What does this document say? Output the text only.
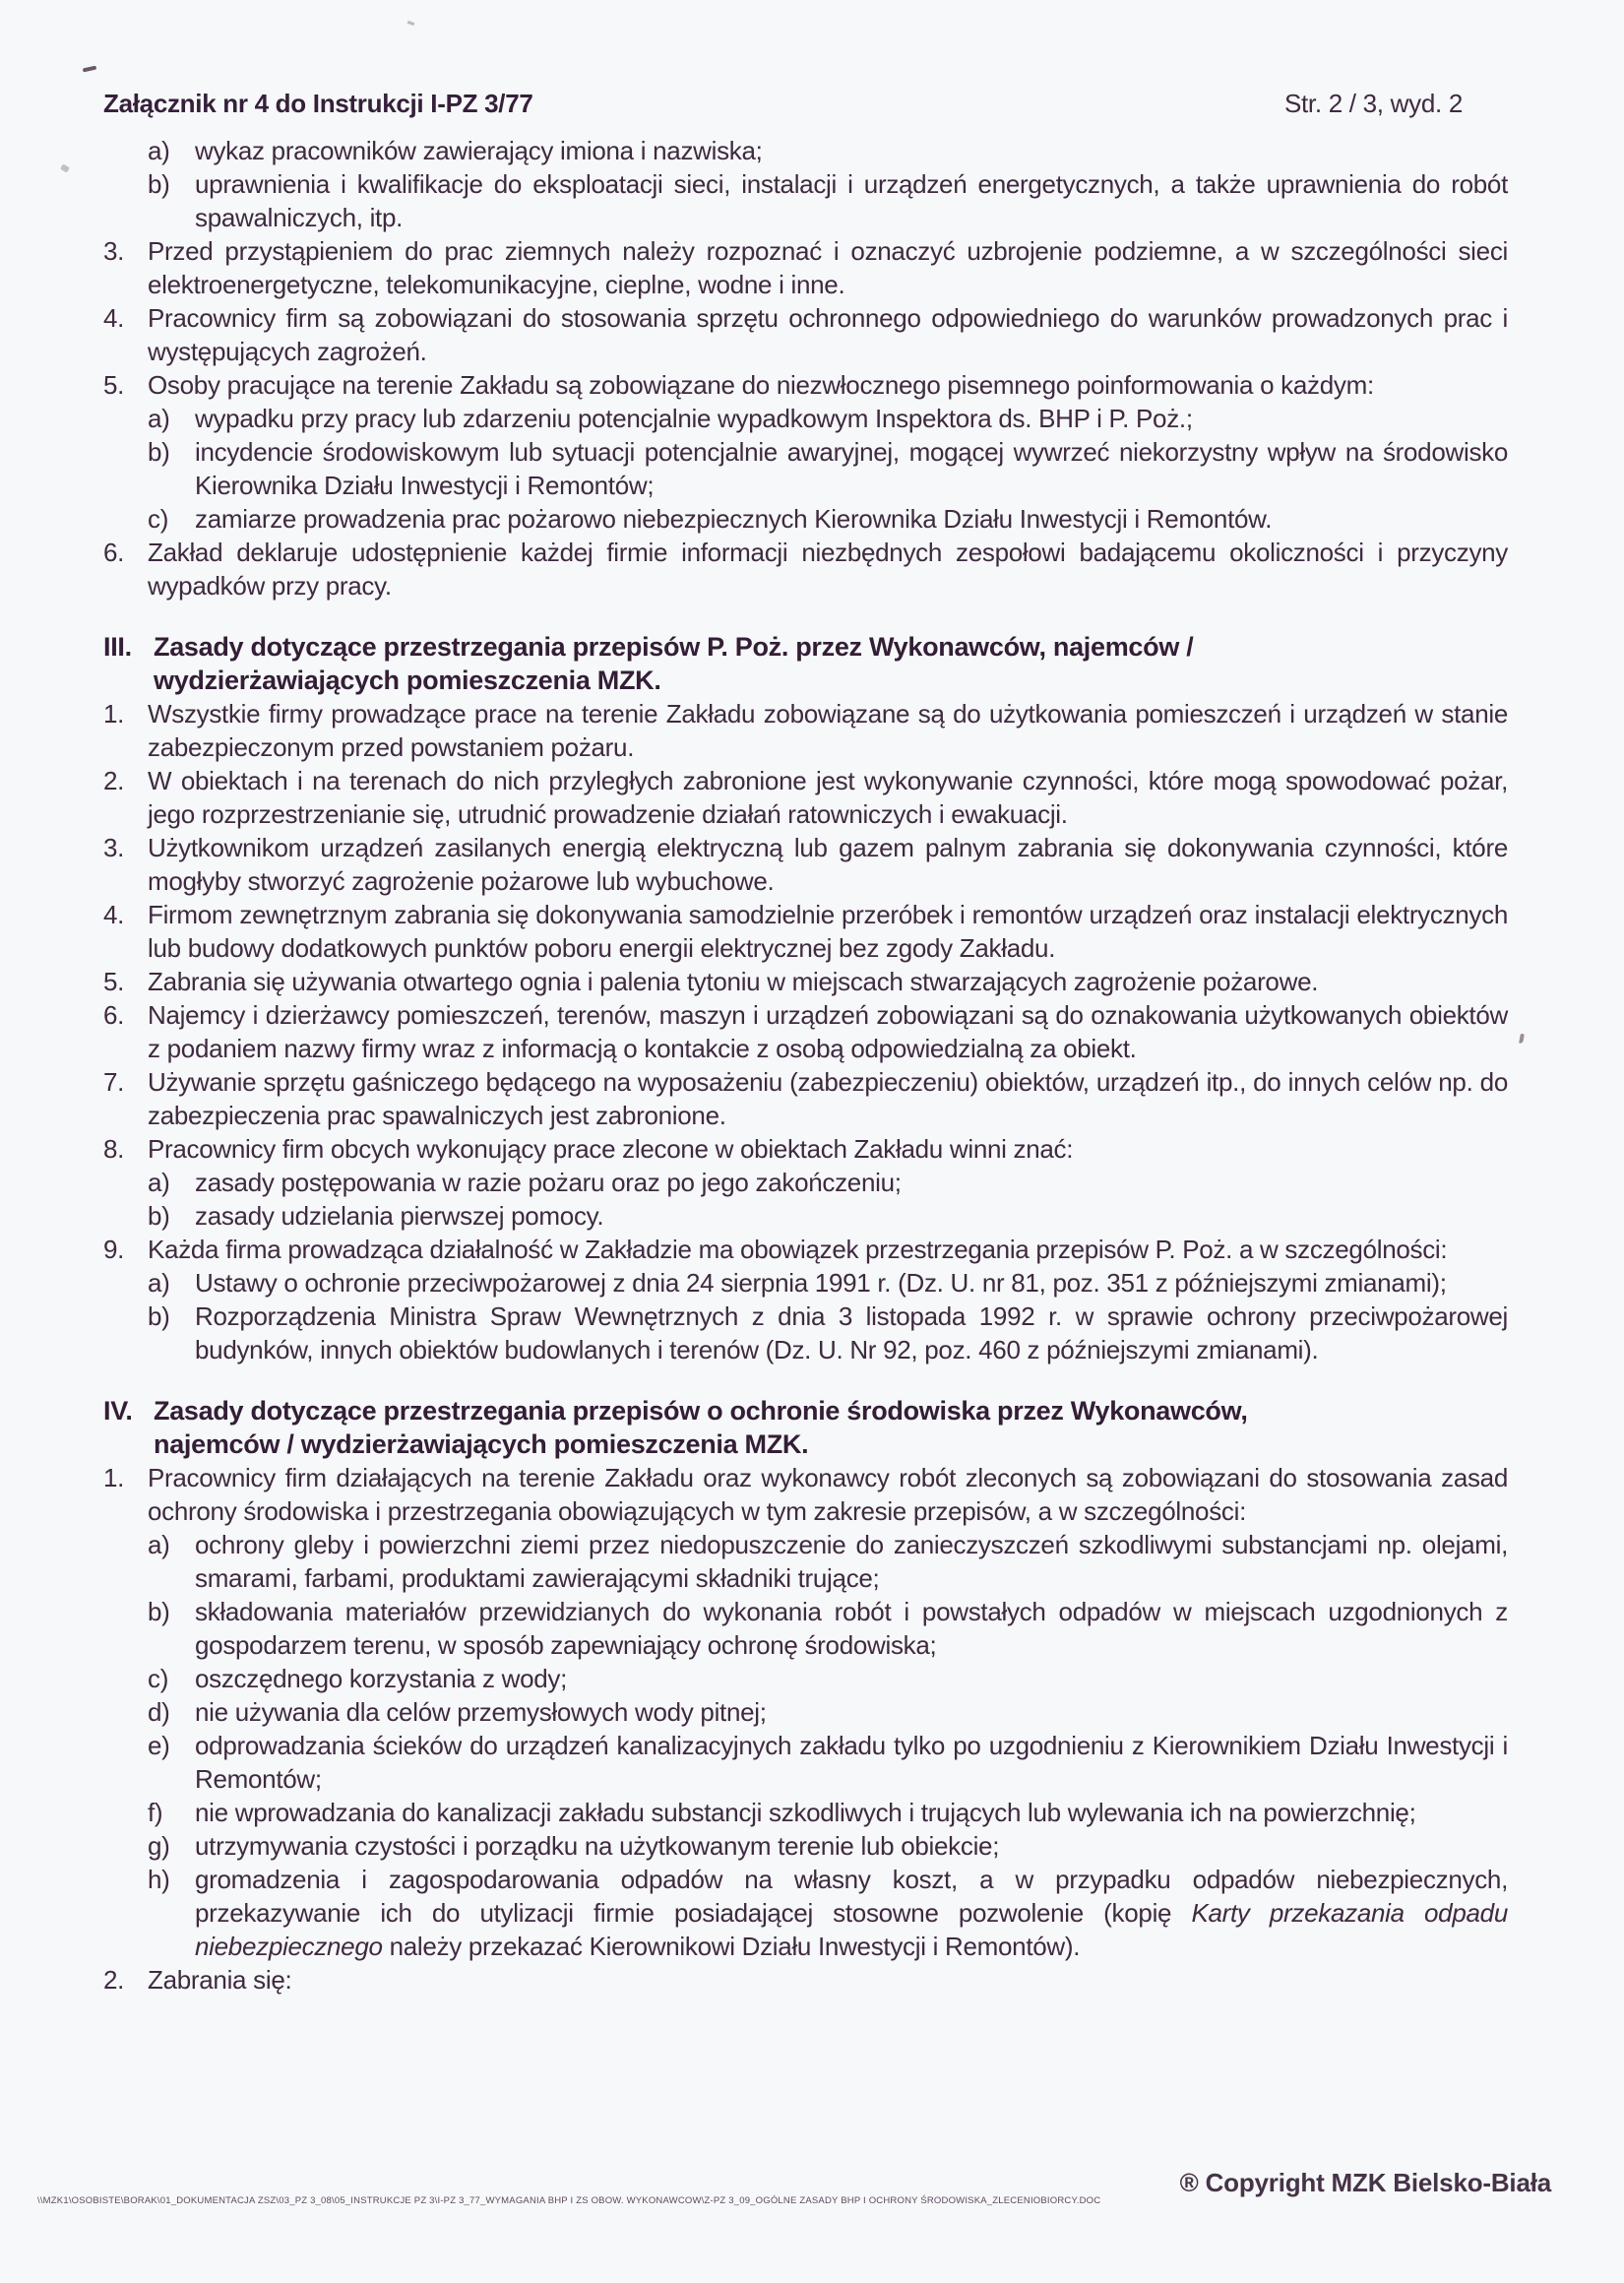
Załącznik nr 4 do Instrukcji I-PZ 3/77	Str. 2 / 3, wyd. 2
a) wykaz pracowników zawierający imiona i nazwiska;
b) uprawnienia i kwalifikacje do eksploatacji sieci, instalacji i urządzeń energetycznych, a także uprawnienia do robót spawalniczych, itp.
3. Przed przystąpieniem do prac ziemnych należy rozpoznać i oznaczyć uzbrojenie podziemne, a w szczególności sieci elektroenergetyczne, telekomunikacyjne, cieplne, wodne i inne.
4. Pracownicy firm są zobowiązani do stosowania sprzętu ochronnego odpowiedniego do warunków prowadzonych prac i występujących zagrożeń.
5. Osoby pracujące na terenie Zakładu są zobowiązane do niezwłocznego pisemnego poinformowania o każdym:
a) wypadku przy pracy lub zdarzeniu potencjalnie wypadkowym Inspektora ds. BHP i P. Poż.;
b) incydencie środowiskowym lub sytuacji potencjalnie awaryjnej, mogącej wywrzeć niekorzystny wpływ na środowisko Kierownika Działu Inwestycji i Remontów;
c)	zamiarze prowadzenia prac pożarowo niebezpiecznych Kierownika Działu Inwestycji i Remontów.
6. Zakład deklaruje udostępnienie każdej firmie informacji niezbędnych zespołowi badającemu okoliczności i przyczyny wypadków przy pracy.
III. Zasady dotyczące przestrzegania przepisów P. Poż. przez Wykonawców, najemców /
wydzierżawiających pomieszczenia MZK.
1. Wszystkie firmy prowadzące prace na terenie Zakładu zobowiązane są do użytkowania pomieszczeń i urządzeń w stanie zabezpieczonym przed powstaniem pożaru.
2. W obiektach i na terenach do nich przyległych zabronione jest wykonywanie czynności, które mogą spowodować pożar, jego rozprzestrzenianie się, utrudnić prowadzenie działań ratowniczych i ewakuacji.
3. Użytkownikom urządzeń zasilanych energią elektryczną lub gazem palnym zabrania się dokonywania czynności, które mogłyby stworzyć zagrożenie pożarowe lub wybuchowe.
4. Firmom zewnętrznym zabrania się dokonywania samodzielnie przeróbek i remontów urządzeń oraz instalacji elektrycznych lub budowy dodatkowych punktów poboru energii elektrycznej bez zgody Zakładu.
5. Zabrania się używania otwartego ognia i palenia tytoniu w miejscach stwarzających zagrożenie pożarowe.
6. Najemcy i dzierżawcy pomieszczeń, terenów, maszyn i urządzeń zobowiązani są do oznakowania użytkowanych obiektów z podaniem nazwy firmy wraz z informacją o kontakcie z osobą odpowiedzialną za obiekt.
7. Używanie sprzętu gaśniczego będącego na wyposażeniu (zabezpieczeniu) obiektów, urządzeń itp., do innych celów np. do zabezpieczenia prac spawalniczych jest zabronione.
8. Pracownicy firm obcych wykonujący prace zlecone w obiektach Zakładu winni znać:
a) zasady postępowania w razie pożaru oraz po jego zakończeniu;
b) zasady udzielania pierwszej pomocy.
9. Każda firma prowadząca działalność w Zakładzie ma obowiązek przestrzegania przepisów P. Poż. a w szczególności:
a) Ustawy o ochronie przeciwpożarowej z dnia 24 sierpnia 1991 r. (Dz. U. nr 81, poz. 351 z późniejszymi zmianami);
b) Rozporządzenia Ministra Spraw Wewnętrznych z dnia 3 listopada 1992 r. w sprawie ochrony przeciwpożarowej budynków, innych obiektów budowlanych i terenów (Dz. U. Nr 92, poz. 460 z późniejszymi zmianami).
IV. Zasady dotyczące przestrzegania przepisów o ochronie środowiska przez Wykonawców,
najemców / wydzierżawiających pomieszczenia MZK.
1. Pracownicy firm działających na terenie Zakładu oraz wykonawcy robót zleconych są zobowiązani do stosowania zasad ochrony środowiska i przestrzegania obowiązujących w tym zakresie przepisów, a w szczególności:
a) ochrony gleby i powierzchni ziemi przez niedopuszczenie do zanieczyszczeń szkodliwymi substancjami np. olejami, smarami, farbami, produktami zawierającymi składniki trujące;
b) składowania materiałów przewidzianych do wykonania robót i powstałych odpadów w miejscach uzgodnionych z gospodarzem terenu, w sposób zapewniający ochronę środowiska;
c)	oszczędnego korzystania z wody;
d) nie używania dla celów przemysłowych wody pitnej;
e) odprowadzania ścieków do urządzeń kanalizacyjnych zakładu tylko po uzgodnieniu z Kierownikiem Działu Inwestycji i Remontów;
f)	nie wprowadzania do kanalizacji zakładu substancji szkodliwych i trujących lub wylewania ich na powierzchnię;
g) utrzymywania czystości i porządku na użytkowanym terenie lub obiekcie;
h) gromadzenia i zagospodarowania odpadów na własny koszt, a w przypadku odpadów niebezpiecznych, przekazywanie ich do utylizacji firmie posiadającej stosowne pozwolenie (kopię Karty przekazania odpadu niebezpiecznego należy przekazać Kierownikowi Działu Inwestycji i Remontów).
2. Zabrania się:
® Copyright MZK Bielsko-Biała
\\MZK1\OSOBISTE\BORAK\01_DOKUMENTACJA ZSZ\03_PZ 3_08\05_INSTRUKCJE PZ 3\I-PZ 3_77_WYMAGANIA BHP I ZS OBOW. WYKONAWCOW\Z-PZ 3_09_OGÓLNE ZASADY BHP I OCHRONY ŚRODOWISKA_ZLECENIOBIORCY.DOC
